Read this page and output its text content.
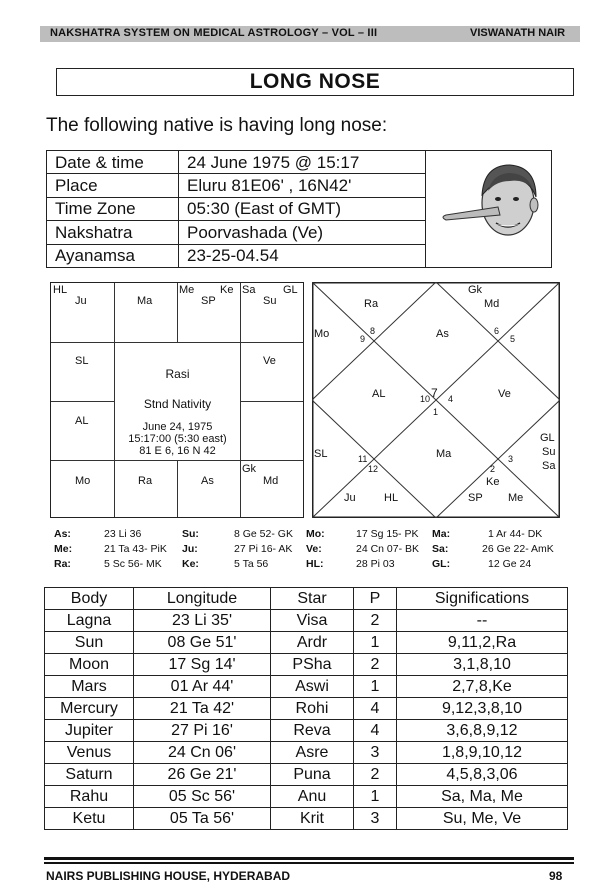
NAKSHATRA SYSTEM ON MEDICAL ASTROLOGY – VOL – III	VISWANATH NAIR
LONG NOSE
The following native is having long nose:
Date & time	24 June 1975 @ 15:17	
Place	Eluru 81E06' , 16N42'	
Time Zone	05:30 (East of GMT)	
Nakshatra	Poorvashada (Ve)	
Ayanamsa	23-25-04.54	
HL
Ju	Ma
Me Ke
SP
Sa	GL
Su
SL	Ve
AL
Mo	Ra	As
Gk
Md
Rasi
Stnd Nativity
June 24, 1975
15:17:00 (5:30 east)
81 E 6, 16 N 42
Ra
Gk
Md
Mo	9
8	As	6
5
AL	10 7 4
1
Ve
GL
Su
Sa
SL	11
12
Ma
2
3
Ke
Ju	HL	SP Me
As:	23 Li 36	Su:	8 Ge 52- GK Mo:	17 Sg 15- PK Ma:	1 Ar 44- DK
Me:	21 Ta 43- PiK Ju:	27 Pi 16- AK Ve:	24 Cn 07- BK Sa:	26 Ge 22- AmK
Ra:	5 Sc 56- MK Ke:	5 Ta 56	HL:	28 Pi 03	GL:	12 Ge 24
Body	Longitude	Star	P	Significations
Lagna	23 Li 35'	Visa	2	--
Sun	08 Ge 51'	Ardr	1	9,11,2,Ra
Moon	17 Sg 14'	PSha	2	3,1,8,10
Mars	01 Ar 44'	Aswi	1	2,7,8,Ke
Mercury	21 Ta 42'	Rohi	4	9,12,3,8,10
Jupiter	27 Pi 16'	Reva	4	3,6,8,9,12
Venus	24 Cn 06'	Asre	3	1,8,9,10,12
Saturn	26 Ge 21'	Puna	2	4,5,8,3,06
Rahu	05 Sc 56'	Anu	1	Sa, Ma, Me
Ketu	05 Ta 56'	Krit	3	Su, Me, Ve
NAIRS PUBLISHING HOUSE, HYDERABAD	98
